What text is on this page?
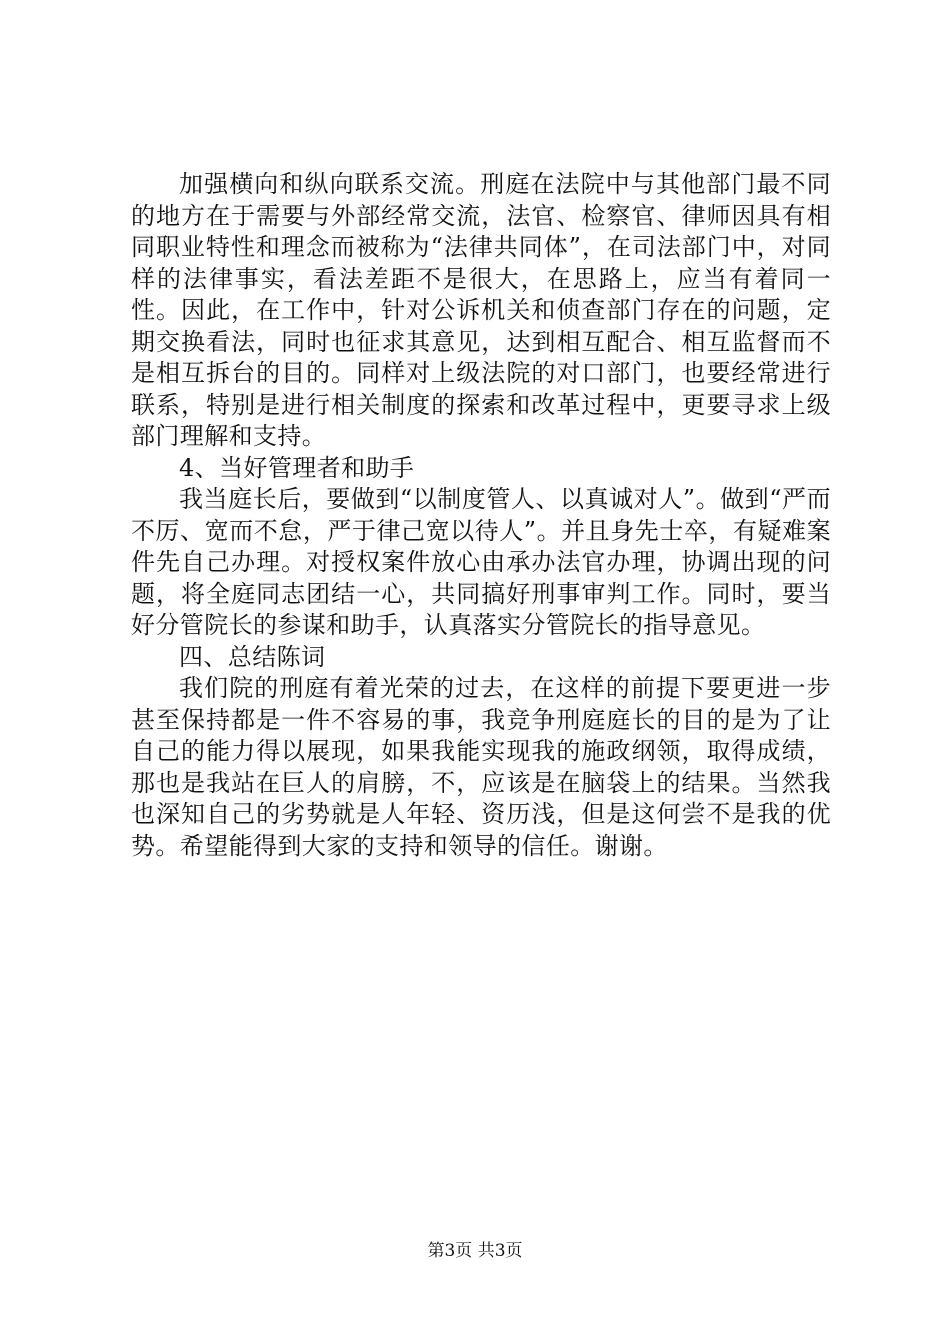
加强横向和纵向联系交流。刑庭在法院中与其他部门最不同的地方在于需要与外部经常交流，法官、检察官、律师因具有相同职业特性和理念而被称为“法律共同体”，在司法部门中，对同样的法律事实，看法差距不是很大，在思路上，应当有着同一性。因此，在工作中，针对公诉机关和侦查部门存在的问题，定期交换看法，同时也征求其意见，达到相互配合、相互监督而不是相互拆台的目的。同样对上级法院的对口部门，也要经常进行联系，特别是进行相关制度的探索和改革过程中，更要寻求上级部门理解和支持。

4、当好管理者和助手

我当庭长后，要做到“以制度管人、以真诚对人”。做到“严而不厉、宽而不怠，严于律己宽以待人”。并且身先士卒，有疑难案件先自己办理。对授权案件放心由承办法官办理，协调出现的问题，将全庭同志团结一心，共同搞好刑事审判工作。同时，要当好分管院长的参谋和助手，认真落实分管院长的指导意见。

四、总结陈词

我们院的刑庭有着光荣的过去，在这样的前提下要更进一步甚至保持都是一件不容易的事，我竞争刑庭庭长的目的是为了让自己的能力得以展现，如果我能实现我的施政纲领，取得成绩，那也是我站在巨人的肩膀，不，应该是在脑袋上的结果。当然我也深知自己的劣势就是人年轻、资历浅，但是这何尝不是我的优势。希望能得到大家的支持和领导的信任。谢谢。

第3页 共3页
